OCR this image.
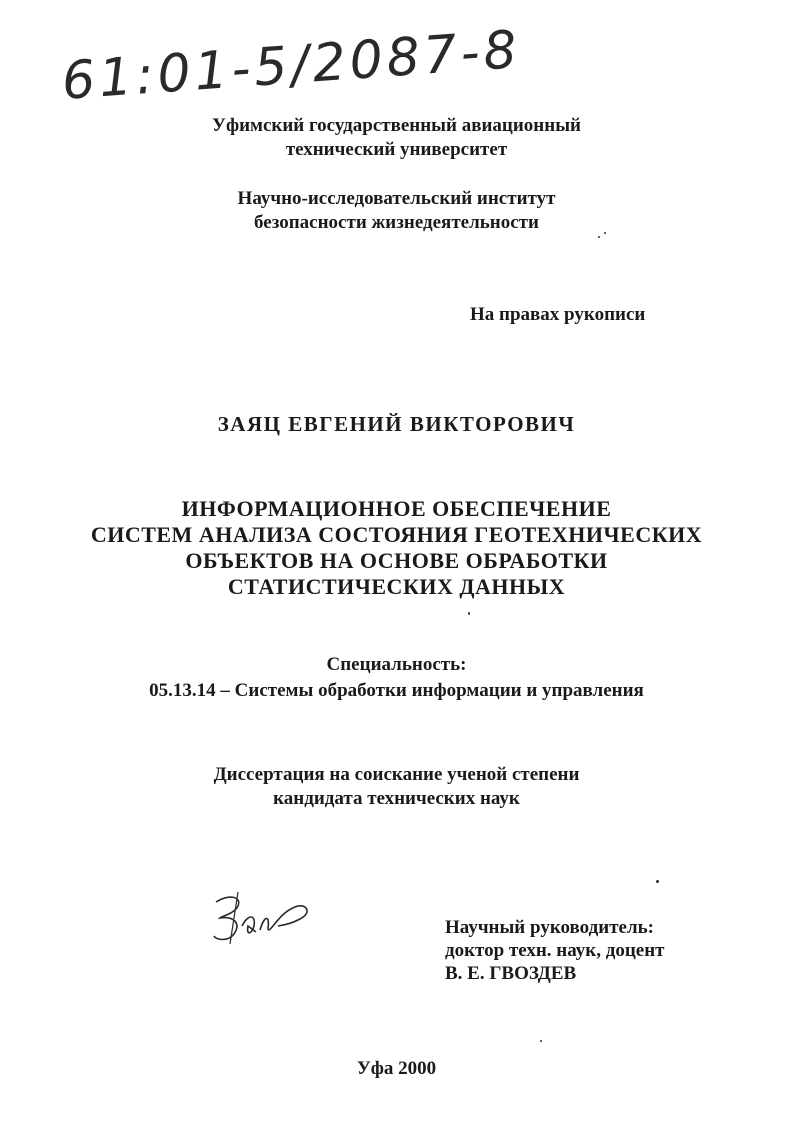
61:01-5/2087-8
Уфимский государственный авиационный
технический университет
Научно-исследовательский институт
безопасности жизнедеятельности
На правах рукописи
ЗАЯЦ ЕВГЕНИЙ ВИКТОРОВИЧ
ИНФОРМАЦИОННОЕ ОБЕСПЕЧЕНИЕ
СИСТЕМ АНАЛИЗА СОСТОЯНИЯ ГЕОТЕХНИЧЕСКИХ
ОБЪЕКТОВ НА ОСНОВЕ ОБРАБОТКИ
СТАТИСТИЧЕСКИХ ДАННЫХ
Специальность:
05.13.14 – Системы обработки информации и управления
Диссертация на соискание ученой степени
кандидата технических наук
Научный руководитель:
доктор техн. наук, доцент
В. Е. ГВОЗДЕВ
Уфа 2000
